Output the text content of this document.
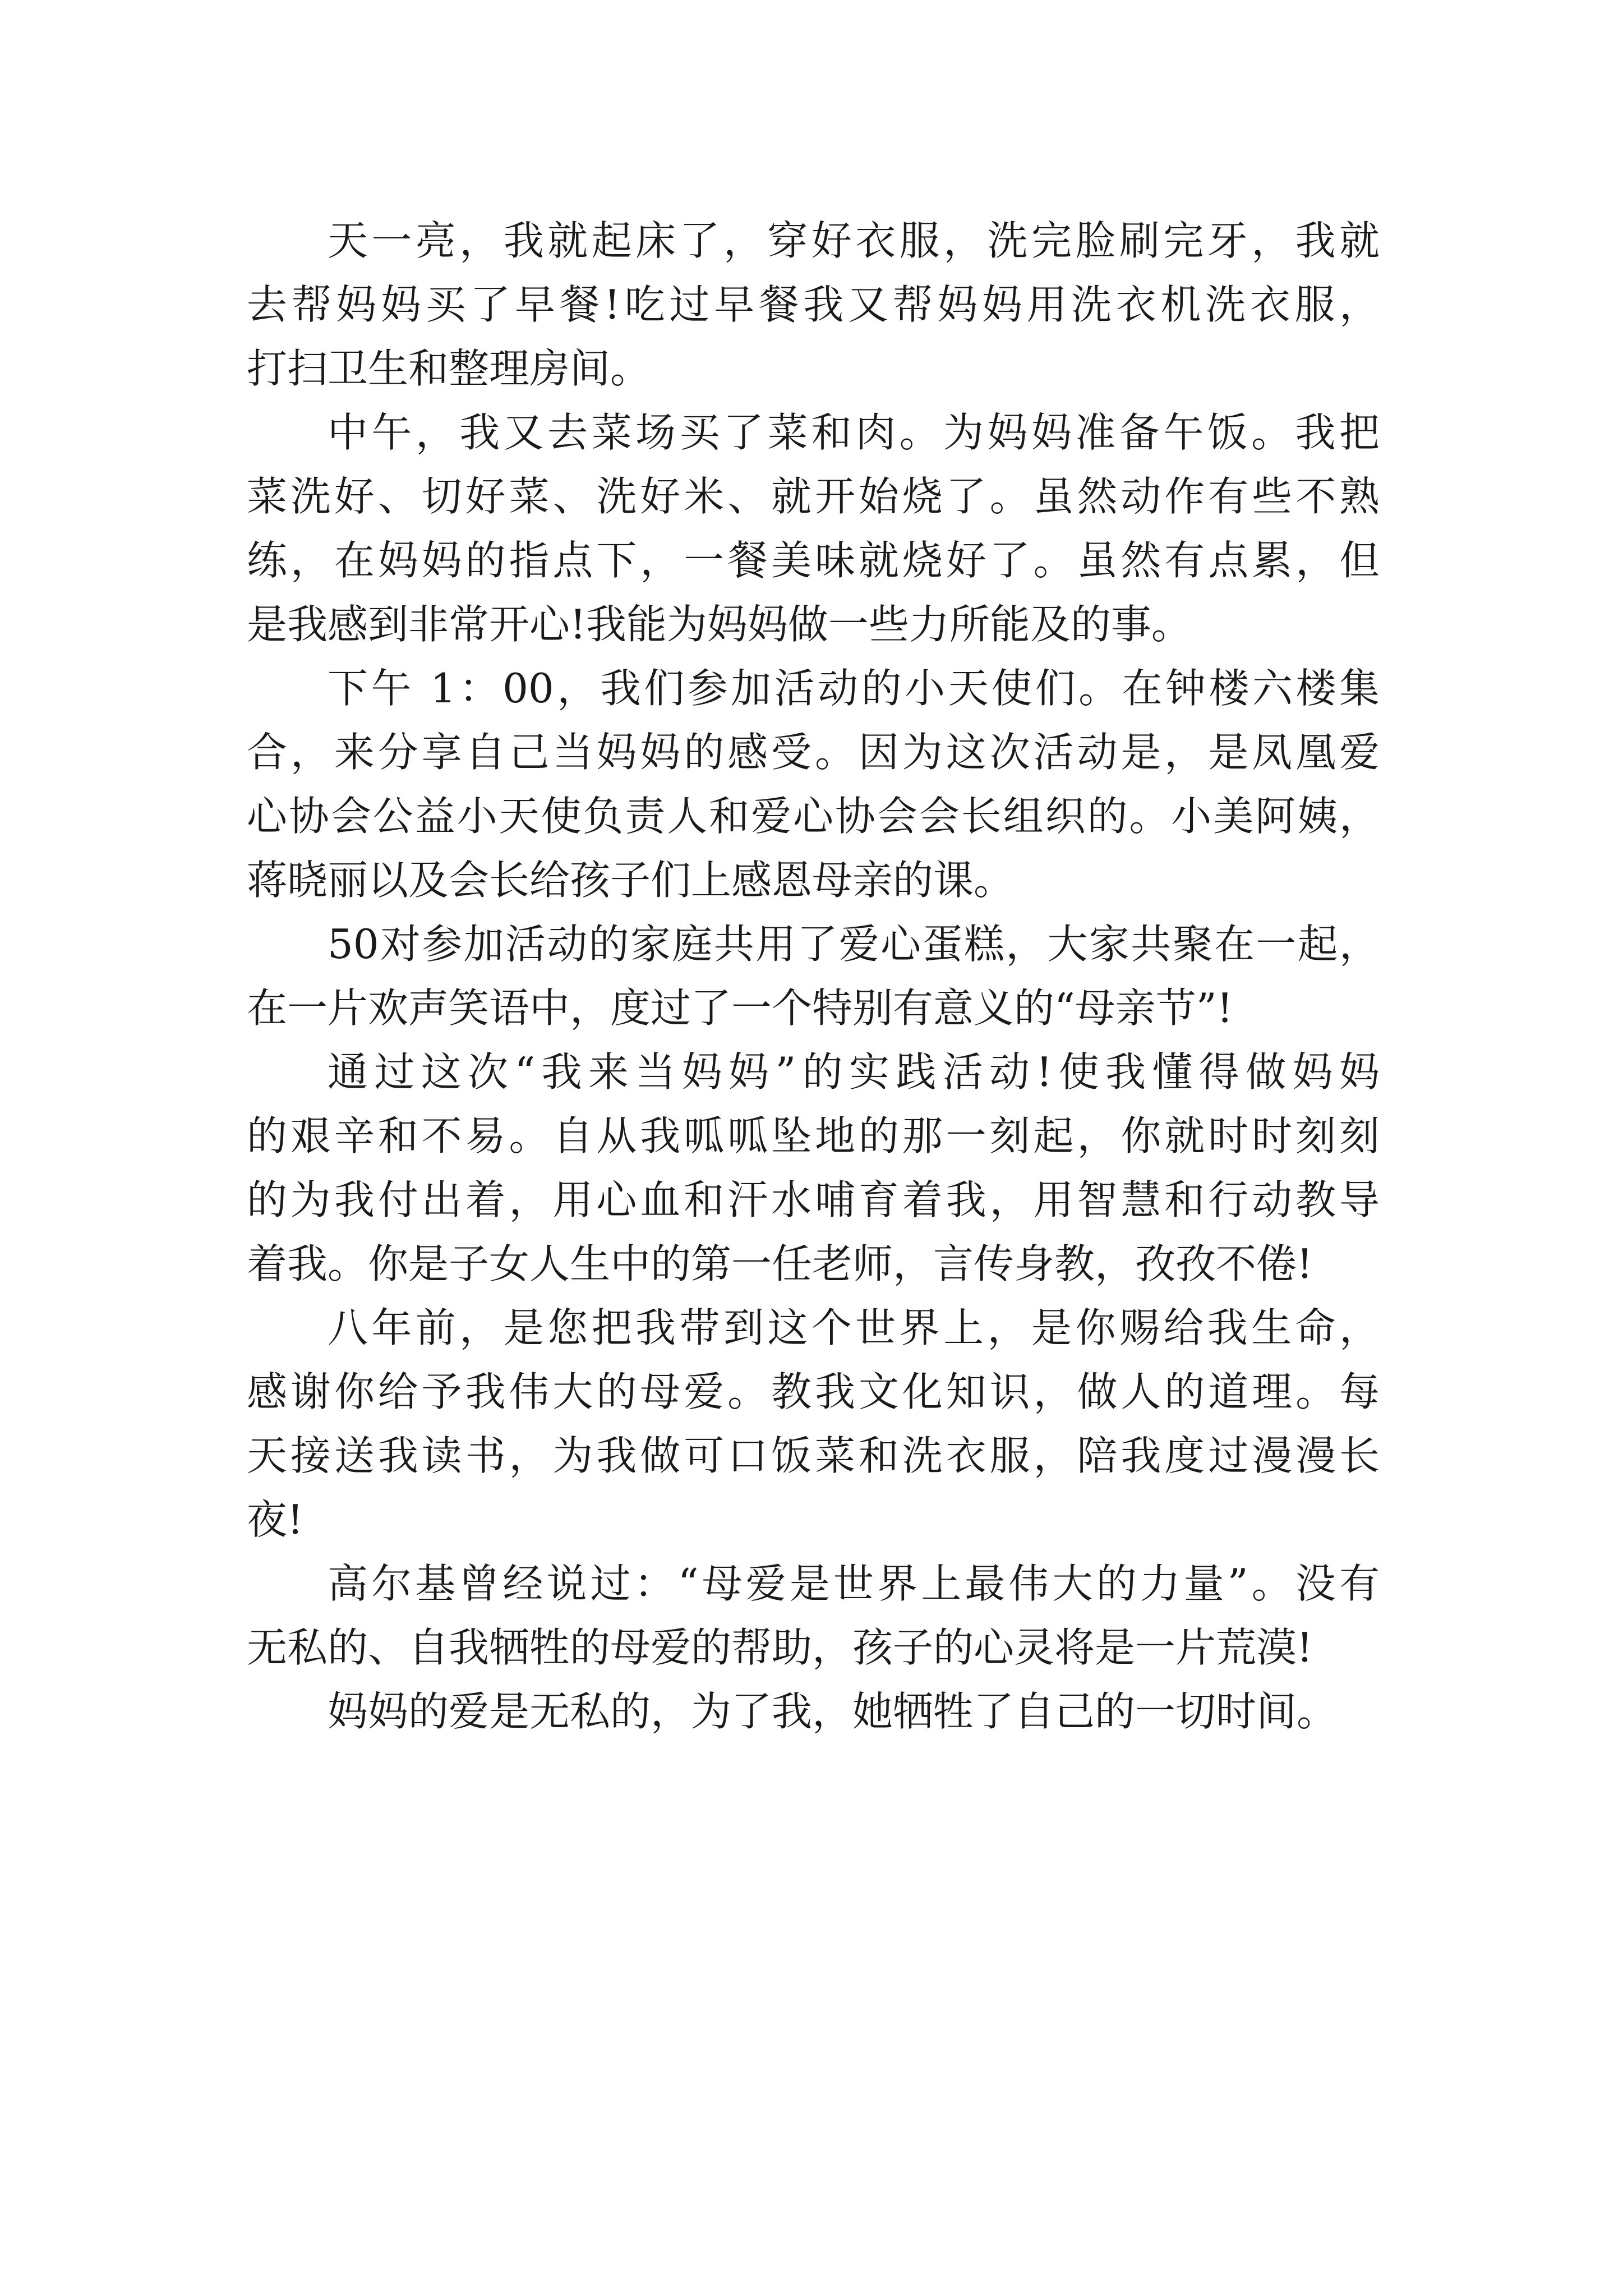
天一亮，我就起床了，穿好衣服，洗完脸刷完牙，我就
去帮妈妈买了早餐!吃过早餐我又帮妈妈用洗衣机洗衣服，
打扫卫生和整理房间。
中午，我又去菜场买了菜和肉。为妈妈准备午饭。我把
菜洗好、切好菜、洗好米、就开始烧了。虽然动作有些不熟
练，在妈妈的指点下，一餐美味就烧好了。虽然有点累，但
是我感到非常开心!我能为妈妈做一些力所能及的事。
下午 1：00，我们参加活动的小天使们。在钟楼六楼集
合，来分享自己当妈妈的感受。因为这次活动是，是凤凰爱
心协会公益小天使负责人和爱心协会会长组织的。小美阿姨，
蒋晓丽以及会长给孩子们上感恩母亲的课。
50对参加活动的家庭共用了爱心蛋糕，大家共聚在一起，
在一片欢声笑语中，度过了一个特别有意义的“母亲节”!
通过这次“我来当妈妈”的实践活动!使我懂得做妈妈
的艰辛和不易。自从我呱呱坠地的那一刻起，你就时时刻刻
的为我付出着，用心血和汗水哺育着我，用智慧和行动教导
着我。你是子女人生中的第一任老师，言传身教，孜孜不倦!
八年前，是您把我带到这个世界上，是你赐给我生命，
感谢你给予我伟大的母爱。教我文化知识，做人的道理。每
天接送我读书，为我做可口饭菜和洗衣服，陪我度过漫漫长
夜!
高尔基曾经说过：“母爱是世界上最伟大的力量”。没有
无私的、自我牺牲的母爱的帮助，孩子的心灵将是一片荒漠!
妈妈的爱是无私的，为了我，她牺牲了自己的一切时间。
